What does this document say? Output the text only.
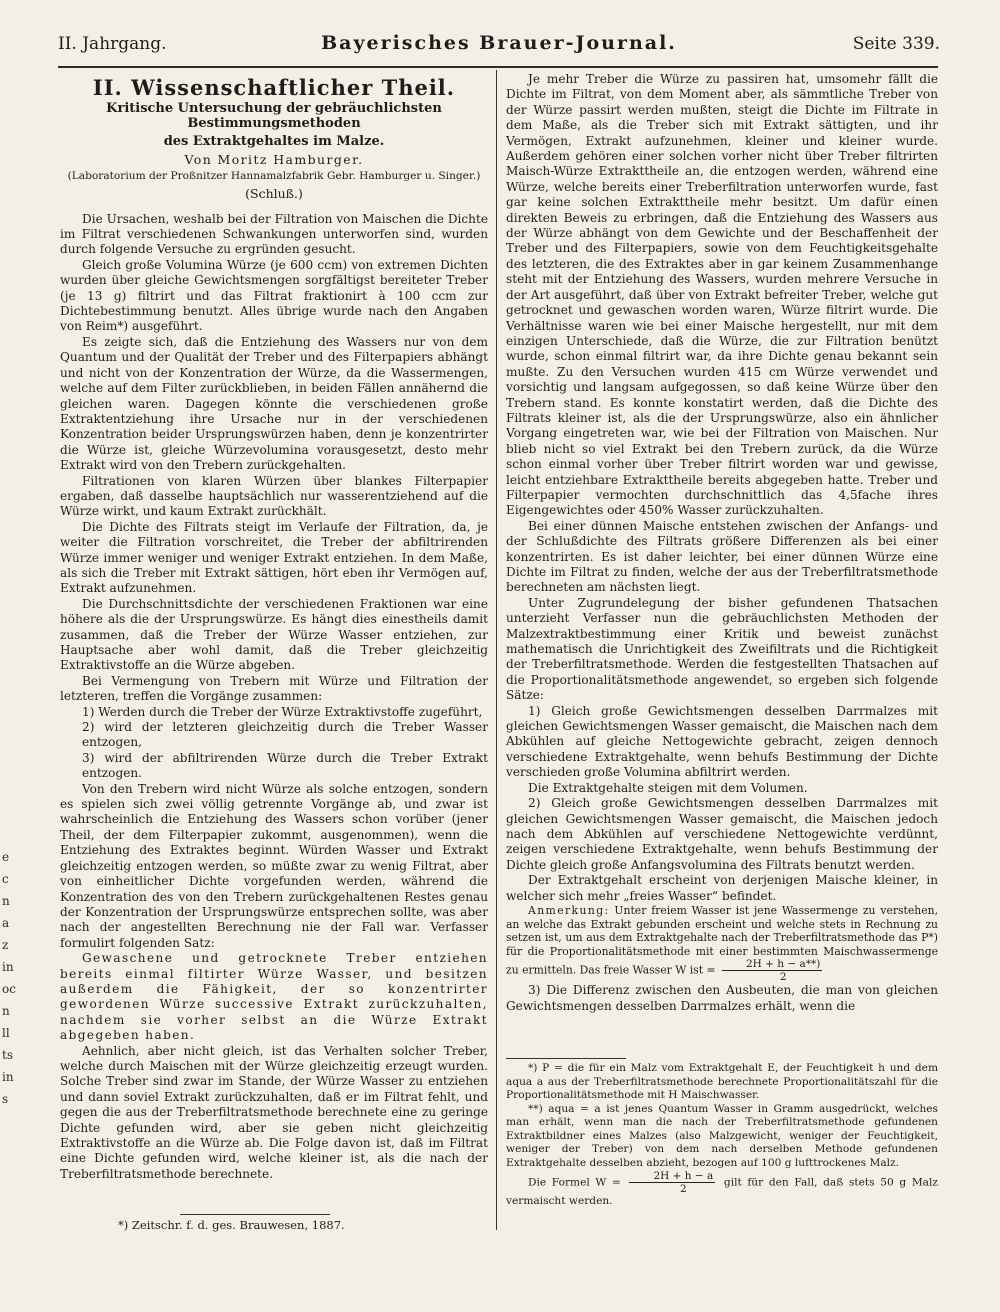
II. Jahrgang.	Bayerisches Brauer-Journal.	Seite 339.
II. Wissenschaftlicher Theil.
Kritische Untersuchung der gebräuchlichsten Bestimmungsmethoden
des Extraktgehaltes im Malze.
Von Moritz Hamburger.
(Laboratorium der Proßnitzer Hannamalzfabrik Gebr. Hamburger u. Singer.)
(Schluß.)

Die Ursachen, weshalb bei der Filtration von Maischen die Dichte im Filtrat verschiedenen Schwankungen unterworfen sind, wurden durch folgende Versuche zu ergründen gesucht.

Gleich große Volumina Würze (je 600 ccm) von extremen Dichten wurden über gleiche Gewichtsmengen sorgfältigst bereiteter Treber (je 13 g) filtrirt und das Filtrat fraktionirt à 100 ccm zur Dichtebestimmung benutzt. Alles übrige wurde nach den Angaben von Reim*) ausgeführt.

Es zeigte sich, daß die Entziehung des Wassers nur von dem Quantum und der Qualität der Treber und des Filterpapiers abhängt und nicht von der Konzentration der Würze, da die Wassermengen, welche auf dem Filter zurückblieben, in beiden Fällen annähernd die gleichen waren. Dagegen könnte die verschiedenen große Extraktentziehung ihre Ursache nur in der verschiedenen Konzentration beider Ursprungswürzen haben, denn je konzentrirter die Würze ist, gleiche Würzevolumina vorausgesetzt, desto mehr Extrakt wird von den Trebern zurückgehalten.

Filtrationen von klaren Würzen über blankes Filterpapier ergaben, daß dasselbe hauptsächlich nur wasserentziehend auf die Würze wirkt, und kaum Extrakt zurückhält.

Die Dichte des Filtrats steigt im Verlaufe der Filtration, da, je weiter die Filtration vorschreitet, die Treber der abfiltrirenden Würze immer weniger und weniger Extrakt entziehen. In dem Maße, als sich die Treber mit Extrakt sättigen, hört eben ihr Vermögen auf, Extrakt aufzunehmen.

Die Durchschnittsdichte der verschiedenen Fraktionen war eine höhere als die der Ursprungswürze. Es hängt dies einestheils damit zusammen, daß die Treber der Würze Wasser entziehen, zur Hauptsache aber wohl damit, daß die Treber gleichzeitig Extraktivstoffe an die Würze abgeben.

Bei Vermengung von Trebern mit Würze und Filtration der letzteren, treffen die Vorgänge zusammen:

1) Werden durch die Treber der Würze Extraktivstoffe zugeführt,

2) wird der letzteren gleichzeitig durch die Treber Wasser entzogen,

3) wird der abfiltrirenden Würze durch die Treber Extrakt entzogen.

Von den Trebern wird nicht Würze als solche entzogen, sondern es spielen sich zwei völlig getrennte Vorgänge ab, und zwar ist wahrscheinlich die Entziehung des Wassers schon vorüber (jener Theil, der dem Filterpapier zukommt, ausgenommen), wenn die Entziehung des Extraktes beginnt. Würden Wasser und Extrakt gleichzeitig entzogen werden, so müßte zwar zu wenig Filtrat, aber von einheitlicher Dichte vorgefunden werden, während die Konzentration des von den Trebern zurückgehaltenen Restes genau der Konzentration der Ursprungswürze entsprechen sollte, was aber nach der angestellten Berechnung nie der Fall war. Verfasser formulirt folgenden Satz:

Gewaschene und getrocknete Treber entziehen bereits einmal filtirter Würze Wasser, und besitzen außerdem die Fähigkeit, der so konzentrirter gewordenen Würze successive Extrakt zurückzuhalten, nachdem sie vorher selbst an die Würze Extrakt abgegeben haben.

Aehnlich, aber nicht gleich, ist das Verhalten solcher Treber, welche durch Maischen mit der Würze gleichzeitig erzeugt wurden. Solche Treber sind zwar im Stande, der Würze Wasser zu entziehen und dann soviel Extrakt zurückzuhalten, daß er im Filtrat fehlt, und gegen die aus der Treberfiltratsmethode berechnete eine zu geringe Dichte gefunden wird, aber sie geben nicht gleichzeitig Extraktivstoffe an die Würze ab. Die Folge davon ist, daß im Filtrat eine Dichte gefunden wird, welche kleiner ist, als die nach der Treberfiltratsmethode berechnete.

*) Zeitschr. f. d. ges. Brauwesen, 1887.

Je mehr Treber die Würze zu passiren hat, umsomehr fällt die Dichte im Filtrat, von dem Moment aber, als sämmtliche Treber von der Würze passirt werden mußten, steigt die Dichte im Filtrate in dem Maße, als die Treber sich mit Extrakt sättigten, und ihr Vermögen, Extrakt aufzunehmen, kleiner und kleiner wurde. Außerdem gehören einer solchen vorher nicht über Treber filtrirten Maisch-Würze Extrakttheile an, die entzogen werden, während eine Würze, welche bereits einer Treberfiltration unterworfen wurde, fast gar keine solchen Extrakttheile mehr besitzt. Um dafür einen direkten Beweis zu erbringen, daß die Entziehung des Wassers aus der Würze abhängt von dem Gewichte und der Beschaffenheit der Treber und des Filterpapiers, sowie von dem Feuchtigkeitsgehalte des letzteren, die des Extraktes aber in gar keinem Zusammenhange steht mit der Entziehung des Wassers, wurden mehrere Versuche in der Art ausgeführt, daß über von Extrakt befreiter Treber, welche gut getrocknet und gewaschen worden waren, Würze filtrirt wurde. Die Verhältnisse waren wie bei einer Maische hergestellt, nur mit dem einzigen Unterschiede, daß die Würze, die zur Filtration benützt wurde, schon einmal filtrirt war, da ihre Dichte genau bekannt sein mußte. Zu den Versuchen wurden 415 cm Würze verwendet und vorsichtig und langsam aufgegossen, so daß keine Würze über den Trebern stand. Es konnte konstatirt werden, daß die Dichte des Filtrats kleiner ist, als die der Ursprungswürze, also ein ähnlicher Vorgang eingetreten war, wie bei der Filtration von Maischen. Nur blieb nicht so viel Extrakt bei den Trebern zurück, da die Würze schon einmal vorher über Treber filtrirt worden war und gewisse, leicht entziehbare Extrakttheile bereits abgegeben hatte. Treber und Filterpapier vermochten durchschnittlich das 4,5fache ihres Eigengewichtes oder 450% Wasser zurückzuhalten.

Bei einer dünnen Maische entstehen zwischen der Anfangs- und der Schlußdichte des Filtrats größere Differenzen als bei einer konzentrirten. Es ist daher leichter, bei einer dünnen Würze eine Dichte im Filtrat zu finden, welche der aus der Treberfiltratsmethode berechneten am nächsten liegt.

Unter Zugrundelegung der bisher gefundenen Thatsachen unterzieht Verfasser nun die gebräuchlichsten Methoden der Malzextraktbestimmung einer Kritik und beweist zunächst mathematisch die Unrichtigkeit des Zweifiltrats und die Richtigkeit der Treberfiltratsmethode. Werden die festgestellten Thatsachen auf die Proportionalitätsmethode angewendet, so ergeben sich folgende Sätze:

1) Gleich große Gewichtsmengen desselben Darrmalzes mit gleichen Gewichtsmengen Wasser gemaischt, die Maischen nach dem Abkühlen auf gleiche Nettogewichte gebracht, zeigen dennoch verschiedene Extraktgehalte, wenn behufs Bestimmung der Dichte verschieden große Volumina abfiltrirt werden.

Die Extraktgehalte steigen mit dem Volumen.

2) Gleich große Gewichtsmengen desselben Darrmalzes mit gleichen Gewichtsmengen Wasser gemaischt, die Maischen jedoch nach dem Abkühlen auf verschiedene Nettogewichte verdünnt, zeigen verschiedene Extraktgehalte, wenn behufs Bestimmung der Dichte gleich große Anfangsvolumina des Filtrats benutzt werden.

Der Extraktgehalt erscheint von derjenigen Maische kleiner, in welcher sich mehr „freies Wasser“ befindet.

Anmerkung: Unter freiem Wasser ist jene Wassermenge zu verstehen, an welche das Extrakt gebunden erscheint und welche stets in Rechnung zu setzen ist, um aus dem Extraktgehalte nach der Treberfiltratsmethode das P*) für die Proportionalitätsmethode mit einer bestimmten Maischwassermenge zu ermitteln. Das freie Wasser W ist = $\frac{2H + h - a**)}{2}$

3) Die Differenz zwischen den Ausbeuten, die man von gleichen Gewichtsmengen desselben Darrmalzes erhält, wenn die

*) P = die für ein Malz vom Extraktgehalt E, der Feuchtigkeit h und dem aqua a aus der Treberfiltratsmethode berechnete Proportionalitätszahl für die Proportionalitätsmethode mit H Maischwasser.

**) aqua = a ist jenes Quantum Wasser in Gramm ausgedrückt, welches man erhält, wenn man die nach der Treberfiltratsmethode gefundenen Extraktbildner eines Malzes (also Malzgewicht, weniger der Feuchtigkeit, weniger der Treber) von dem nach derselben Methode gefundenen Extraktgehalte desselben abzieht, bezogen auf 100 g lufttrockenes Malz.

Die Formel $W = \frac{2H + h - a}{2}$ gilt für den Fall, daß stets 50 g Malz vermaischt werden.

e
c
n
a
z
in
oc
n
ll
ts
in
s
